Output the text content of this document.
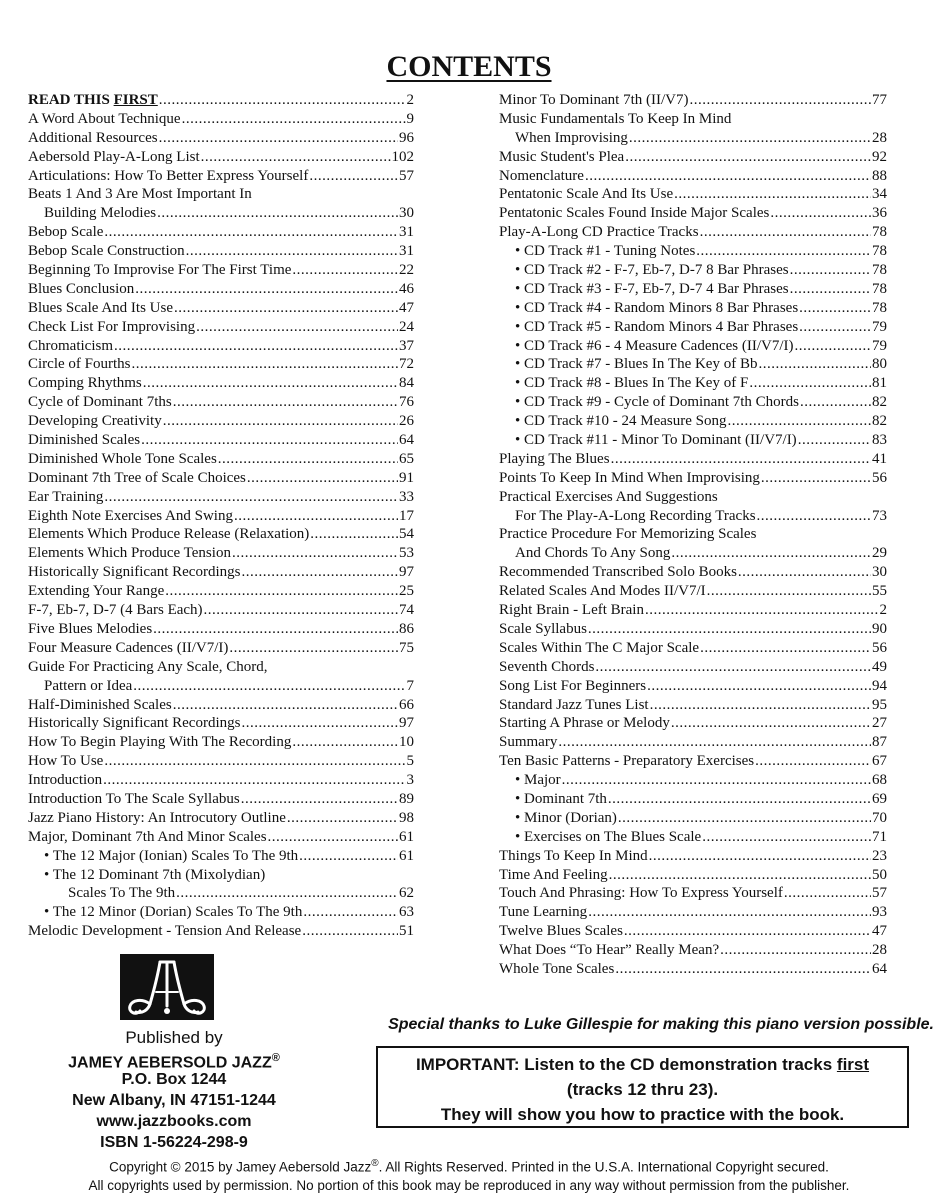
CONTENTS
READ THIS FIRST .....	2
A Word About Technique .....	9
Additional Resources .....	96
Aebersold Play-A-Long List .....	102
Articulations: How To Better Express Yourself .....	57
Beats 1 And 3 Are Most Important In
Building Melodies .....	30
Bebop Scale .....	31
Bebop Scale Construction .....	31
Beginning To Improvise For The First Time .....	22
Blues Conclusion .....	46
Blues Scale And Its Use .....	47
Check List For Improvising .....	24
Chromaticism .....	37
Circle of Fourths .....	72
Comping Rhythms .....	84
Cycle of Dominant 7ths .....	76
Developing Creativity .....	26
Diminished Scales .....	64
Diminished Whole Tone Scales .....	65
Dominant 7th Tree of Scale Choices .....	91
Ear Training .....	33
Eighth Note Exercises And Swing .....	17
Elements Which Produce Release (Relaxation) .....	54
Elements Which Produce Tension .....	53
Historically Significant Recordings .....	97
Extending Your Range .....	25
F-7, Eb-7, D-7 (4 Bars Each) .....	74
Five Blues Melodies .....	86
Four Measure Cadences (II/V7/I) .....	75
Guide For Practicing Any Scale, Chord,
Pattern or Idea .....	7
Half-Diminished Scales .....	66
Historically Significant Recordings .....	97
How To Begin Playing With The Recording .....	10
How To Use .....	5
Introduction .....	3
Introduction To The Scale Syllabus .....	89
Jazz Piano History: An Introcutory Outline .....	98
Major, Dominant 7th And Minor Scales .....	61
• The 12 Major (Ionian) Scales To The 9th .....	61
• The 12 Dominant 7th (Mixolydian)
Scales To The 9th .....	62
• The 12 Minor (Dorian) Scales To The 9th .....	63
Melodic Development - Tension And Release .....	51
Minor To Dominant 7th (II/V7) .....	77
Music Fundamentals To Keep In Mind
When Improvising .....	28
Music Student's Plea .....	92
Nomenclature .....	88
Pentatonic Scale And Its Use .....	34
Pentatonic Scales Found Inside Major Scales .....	36
Play-A-Long CD Practice Tracks .....	78
• CD Track #1 - Tuning Notes .....	78
• CD Track #2 - F-7, Eb-7, D-7 8 Bar Phrases .....	78
• CD Track #3 - F-7, Eb-7, D-7 4 Bar Phrases .....	78
• CD Track #4 - Random Minors 8 Bar Phrases .....	78
• CD Track #5 - Random Minors 4 Bar Phrases .....	79
• CD Track #6 - 4 Measure Cadences (II/V7/I) .....	79
• CD Track #7 - Blues In The Key of Bb .....	80
• CD Track #8 - Blues In The Key of F .....	81
• CD Track #9 - Cycle of Dominant 7th Chords .....	82
• CD Track #10 - 24 Measure Song .....	82
• CD Track #11 - Minor To Dominant (II/V7/I) .....	83
Playing The Blues .....	41
Points To Keep In Mind When Improvising .....	56
Practical Exercises And Suggestions
For The Play-A-Long Recording Tracks .....	73
Practice Procedure For Memorizing Scales
And Chords To Any Song .....	29
Recommended Transcribed Solo Books .....	30
Related Scales And Modes II/V7/I .....	55
Right Brain - Left Brain .....	2
Scale Syllabus .....	90
Scales Within The C Major Scale .....	56
Seventh Chords .....	49
Song List For Beginners .....	94
Standard Jazz Tunes List .....	95
Starting A Phrase or Melody .....	27
Summary .....	87
Ten Basic Patterns - Preparatory Exercises .....	67
• Major .....	68
• Dominant 7th .....	69
• Minor (Dorian) .....	70
• Exercises on The Blues Scale .....	71
Things To Keep In Mind .....	23
Time And Feeling .....	50
Touch And Phrasing: How To Express Yourself .....	57
Tune Learning .....	93
Twelve Blues Scales .....	47
What Does “To Hear” Really Mean? .....	28
Whole Tone Scales .....	64
Published by
JAMEY AEBERSOLD JAZZ®
P.O. Box 1244
New Albany, IN 47151-1244
www.jazzbooks.com
ISBN 1-56224-298-9
Special thanks to Luke Gillespie for making this piano version possible.
IMPORTANT: Listen to the CD demonstration tracks first
(tracks 12 thru 23).
They will show you how to practice with the book.
Copyright © 2015 by Jamey Aebersold Jazz®. All Rights Reserved. Printed in the U.S.A. International Copyright secured.
All copyrights used by permission. No portion of this book may be reproduced in any way without permission from the publisher.
